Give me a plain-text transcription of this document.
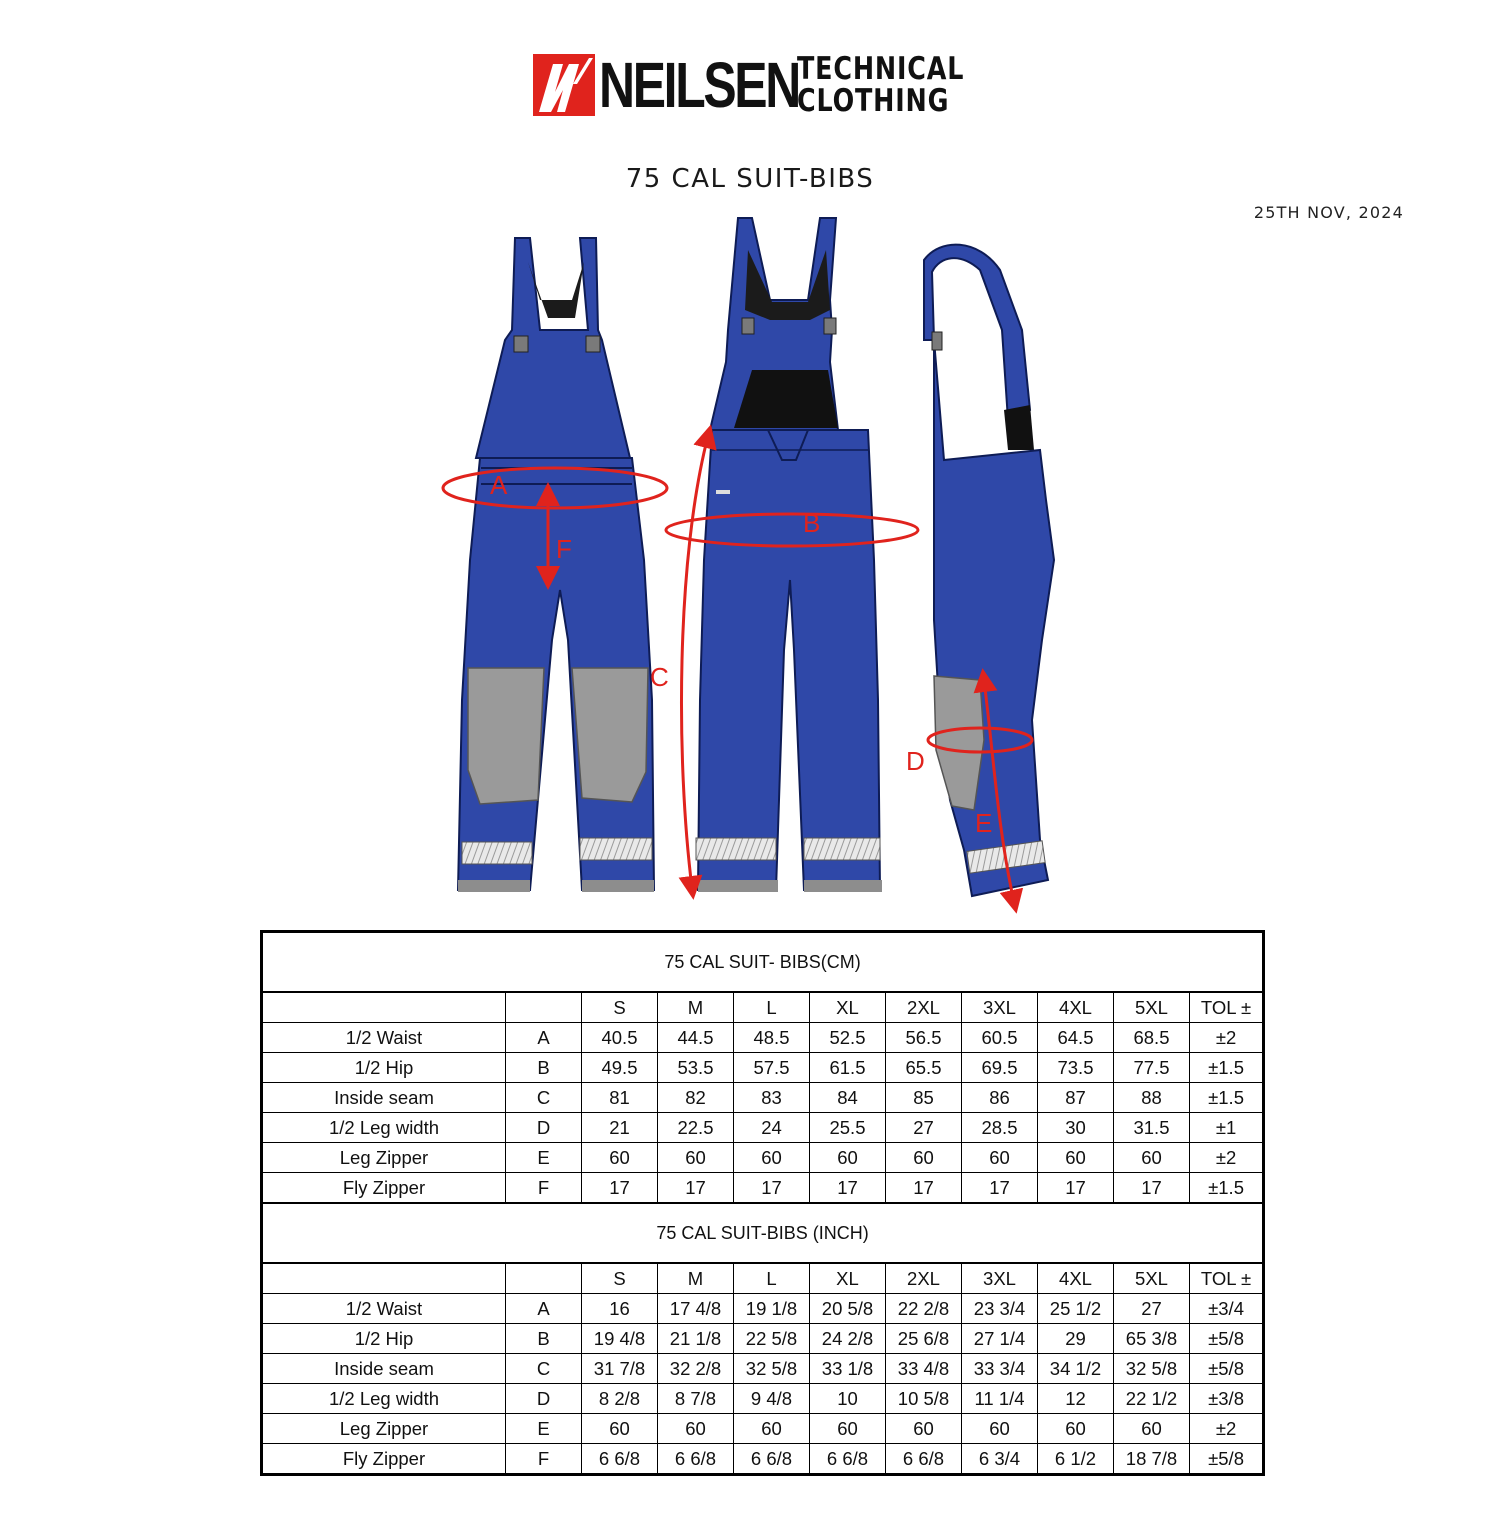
NEILSEN
TECHNICAL
CLOTHING
75 CAL SUIT-BIBS
25TH NOV, 2024
A
B
C
D
E
F
75 CAL SUIT- BIBS(CM)										
		S	M	L	XL	2XL	3XL	4XL	5XL	TOL ±
1/2 Waist	A	40.5	44.5	48.5	52.5	56.5	60.5	64.5	68.5	±2
1/2 Hip	B	49.5	53.5	57.5	61.5	65.5	69.5	73.5	77.5	±1.5
Inside seam	C	81	82	83	84	85	86	87	88	±1.5
1/2 Leg width	D	21	22.5	24	25.5	27	28.5	30	31.5	±1
Leg Zipper	E	60	60	60	60	60	60	60	60	±2
Fly Zipper	F	17	17	17	17	17	17	17	17	±1.5
75 CAL SUIT-BIBS (INCH)										
		S	M	L	XL	2XL	3XL	4XL	5XL	TOL ±
1/2 Waist	A	16	17 4/8	19 1/8	20 5/8	22 2/8	23 3/4	25 1/2	27	±3/4
1/2 Hip	B	19 4/8	21 1/8	22 5/8	24 2/8	25 6/8	27 1/4	29	65 3/8	±5/8
Inside seam	C	31 7/8	32 2/8	32 5/8	33 1/8	33 4/8	33 3/4	34 1/2	32 5/8	±5/8
1/2 Leg width	D	8 2/8	8 7/8	9 4/8	10	10 5/8	11 1/4	12	22 1/2	±3/8
Leg Zipper	E	60	60	60	60	60	60	60	60	±2
Fly Zipper	F	6 6/8	6 6/8	6 6/8	6 6/8	6 6/8	6 3/4	6 1/2	18 7/8	±5/8
